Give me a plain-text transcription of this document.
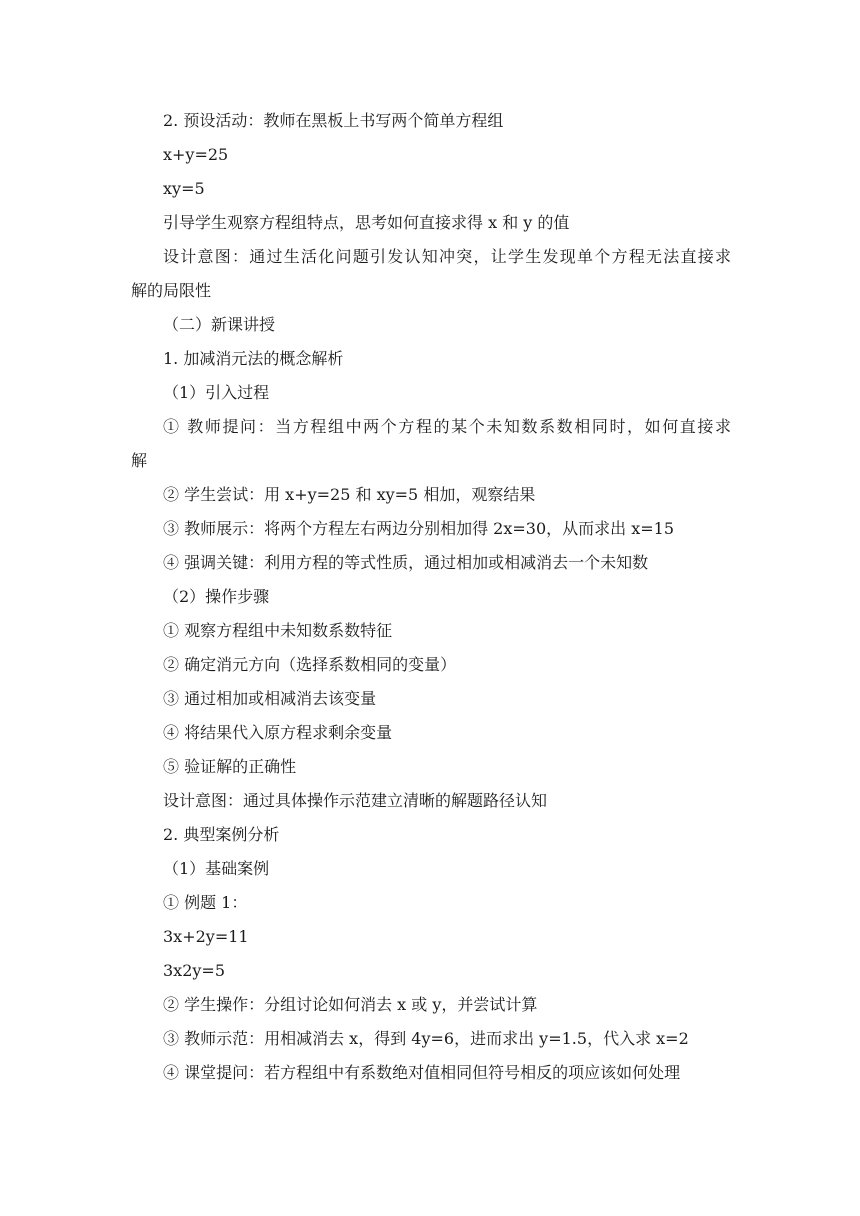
2. 预设活动：教师在黑板上书写两个简单方程组
x+y=25
xy=5
引导学生观察方程组特点，思考如何直接求得 x 和 y 的值
设计意图：通过生活化问题引发认知冲突，让学生发现单个方程无法直接求
解的局限性
（二）新课讲授
1. 加减消元法的概念解析
（1）引入过程
① 教师提问：当方程组中两个方程的某个未知数系数相同时，如何直接求
解
② 学生尝试：用 x+y=25 和 xy=5 相加，观察结果
③ 教师展示：将两个方程左右两边分别相加得 2x=30，从而求出 x=15
④ 强调关键：利用方程的等式性质，通过相加或相减消去一个未知数
（2）操作步骤
① 观察方程组中未知数系数特征
② 确定消元方向（选择系数相同的变量）
③ 通过相加或相减消去该变量
④ 将结果代入原方程求剩余变量
⑤ 验证解的正确性
设计意图：通过具体操作示范建立清晰的解题路径认知
2. 典型案例分析
（1）基础案例
① 例题 1：
3x+2y=11
3x2y=5
② 学生操作：分组讨论如何消去 x 或 y，并尝试计算
③ 教师示范：用相减消去 x，得到 4y=6，进而求出 y=1.5，代入求 x=2
④ 课堂提问：若方程组中有系数绝对值相同但符号相反的项应该如何处理
